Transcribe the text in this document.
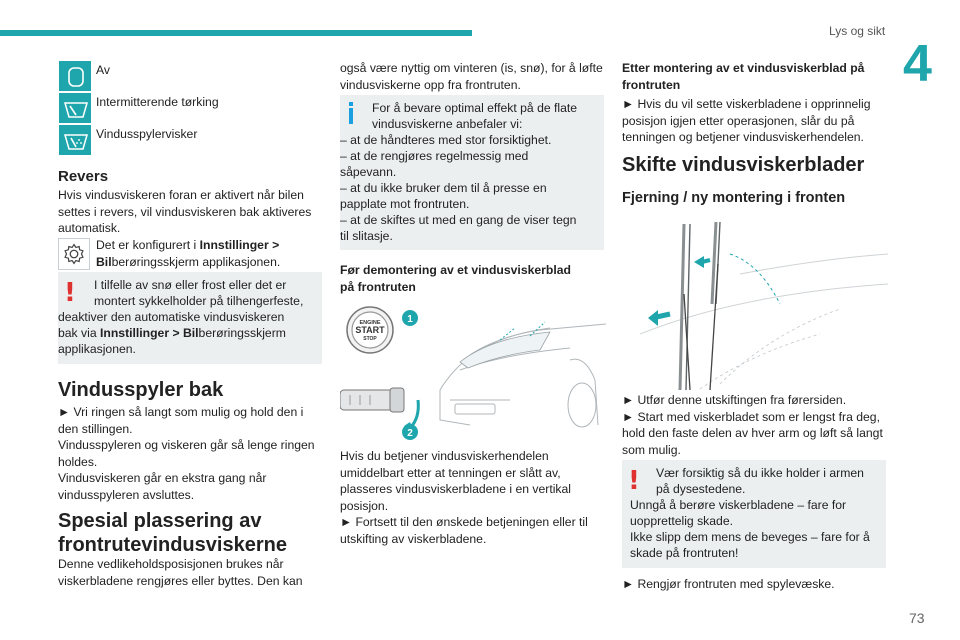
Lys og sikt
4
73
Av
Intermitterende tørking
Vindusspylervisker
Revers
Hvis vindusviskeren foran er aktivert når bilen settes i revers, vil vindusviskeren bak aktiveres automatisk.
Det er konfigurert i Innstillinger >
Bilberøringsskjerm applikasjonen.
! I tilfelle av snø eller frost eller det er
montert sykkelholder på tilhengerfeste,
deaktiver den automatiske vindusviskeren
bak via Innstillinger > Bilberøringsskjerm
applikasjonen.
Vindusspyler bak
► Vri ringen så langt som mulig og hold den i
den stillingen.
Vindusspyleren og viskeren går så lenge ringen
holdes.
Vindusviskeren går en ekstra gang når
vindusspyleren avsluttes.
Spesial plassering av
frontrutevindusviskerne
Denne vedlikeholdsposisjonen brukes når
viskerbladene rengjøres eller byttes. Den kan
også være nyttig om vinteren (is, snø), for å løfte
vindusviskerne opp fra frontruten.
For å bevare optimal effekt på de flate
vindusviskerne anbefaler vi:
– at de håndteres med stor forsiktighet.
– at de rengjøres regelmessig med
såpevann.
– at du ikke bruker dem til å presse en
papplate mot frontruten.
– at de skiftes ut med en gang de viser tegn
til slitasje.
Før demontering av et vindusviskerblad
på frontruten
ENGINE
START
STOP
1
2
Hvis du betjener vindusviskerhendelen
umiddelbart etter at tenningen er slått av,
plasseres vindusviskerbladene i en vertikal
posisjon.
► Fortsett til den ønskede betjeningen eller til
utskifting av viskerbladene.
Etter montering av et vindusviskerblad på
frontruten
► Hvis du vil sette viskerbladene i opprinnelig
posisjon igjen etter operasjonen, slår du på
tenningen og betjener vindusviskerhendelen.
Skifte vindusviskerblader
Fjerning / ny montering i fronten
► Utfør denne utskiftingen fra førersiden.
► Start med viskerbladet som er lengst fra deg,
hold den faste delen av hver arm og løft så langt
som mulig.
! Vær forsiktig så du ikke holder i armen
på dysestedene.
Unngå å berøre viskerbladene – fare for
uopprettelig skade.
Ikke slipp dem mens de beveges – fare for å
skade på frontruten!
► Rengjør frontruten med spylevæske.
